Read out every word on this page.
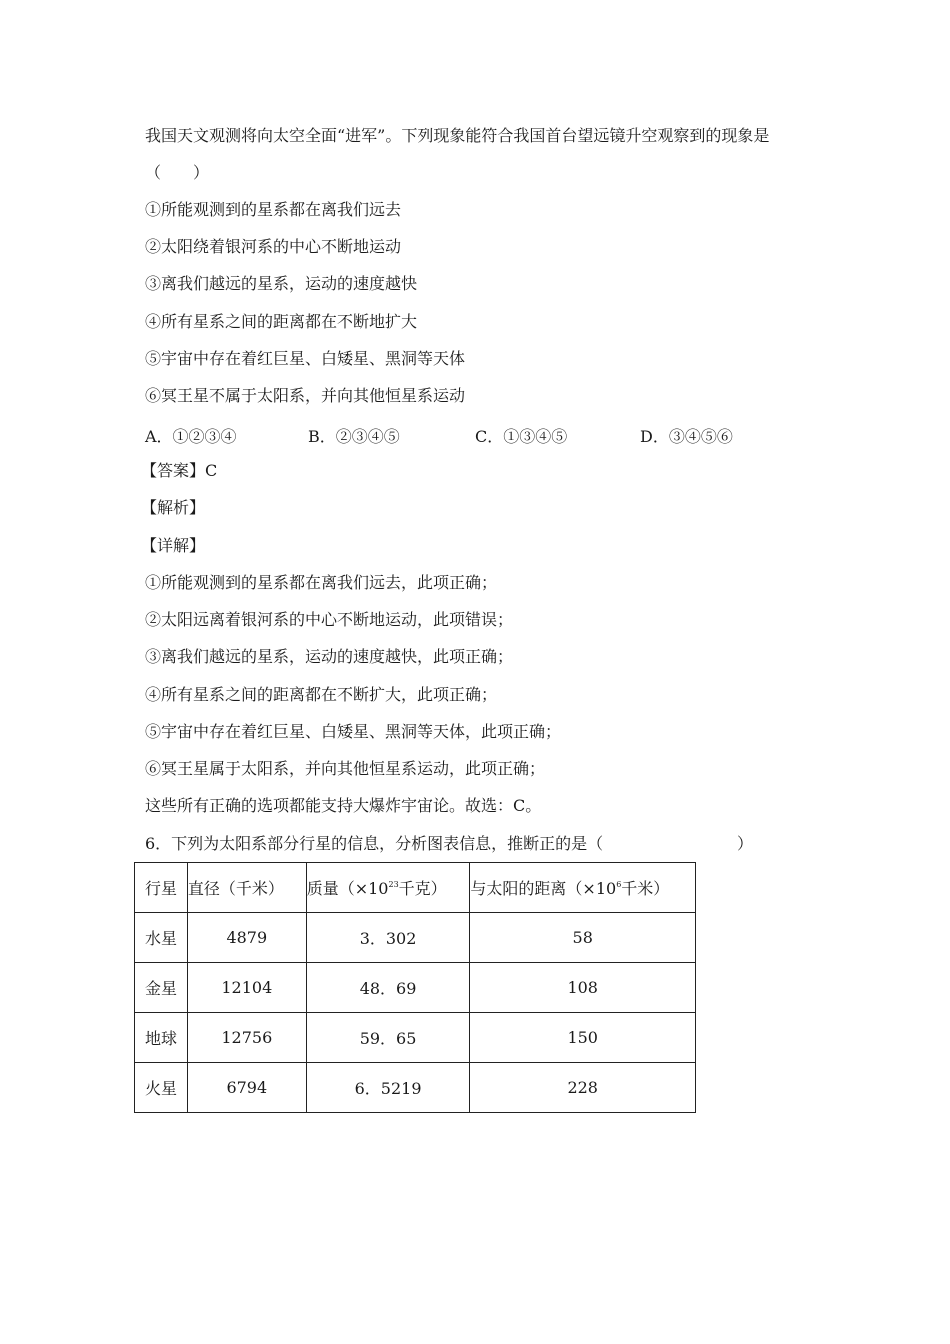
我国天文观测将向太空全面“进军”。下列现象能符合我国首台望远镜升空观察到的现象是
（　　）
①所能观测到的星系都在离我们远去
②太阳绕着银河系的中心不断地运动
③离我们越远的星系，运动的速度越快
④所有星系之间的距离都在不断地扩大
⑤宇宙中存在着红巨星、白矮星、黑洞等天体
⑥冥王星不属于太阳系，并向其他恒星系运动
A．①②③④	B．②③④⑤	C．①③④⑤	D．③④⑤⑥
【答案】C
【解析】
【详解】
①所能观测到的星系都在离我们远去，此项正确；
②太阳远离着银河系的中心不断地运动，此项错误；
③离我们越远的星系，运动的速度越快，此项正确；
④所有星系之间的距离都在不断扩大，此项正确；
⑤宇宙中存在着红巨星、白矮星、黑洞等天体，此项正确；
⑥冥王星属于太阳系，并向其他恒星系运动，此项正确；
这些所有正确的选项都能支持大爆炸宇宙论。故选：C。
6．下列为太阳系部分行星的信息，分析图表信息，推断正的是（	）
行星	直径（千米）	质量（$\times 10^{23}$千克）	与太阳的距离（$\times 10^6$千米）
水星	4879	3．302	58
金星	12104	48．69	108
地球	12756	59．65	150
火星	6794	6．5219	228
